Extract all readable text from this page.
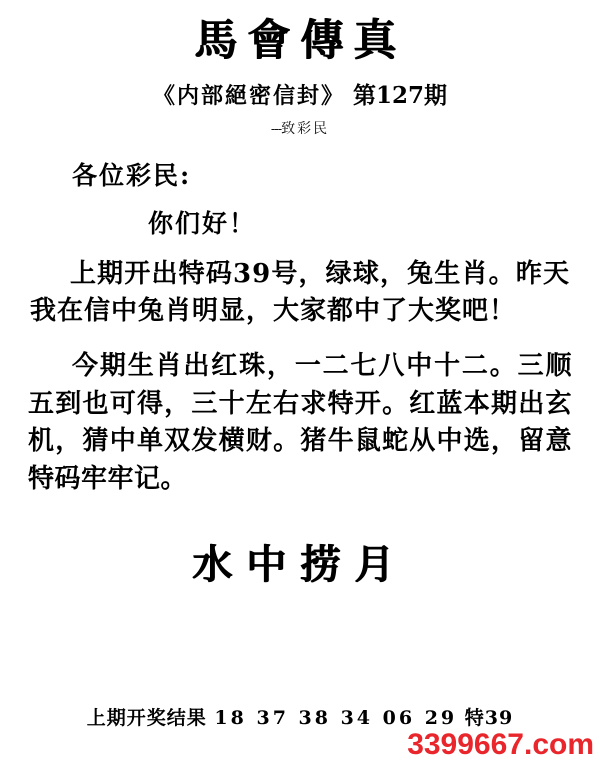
馬會傳真
《内部絕密信封》 第127期
---致彩民
各位彩民:
你们好！
上期开出特码39号，绿球，兔生肖。昨天我在信中兔肖明显，大家都中了大奖吧！
今期生肖出红珠，一二七八中十二。三顺五到也可得，三十左右求特开。红蓝本期出玄机，猜中单双发横财。猪牛鼠蛇从中选，留意特码牢牢记。
水中捞月
上期开奖结果 18 37 38 34 06 29 特39
3399667.com
